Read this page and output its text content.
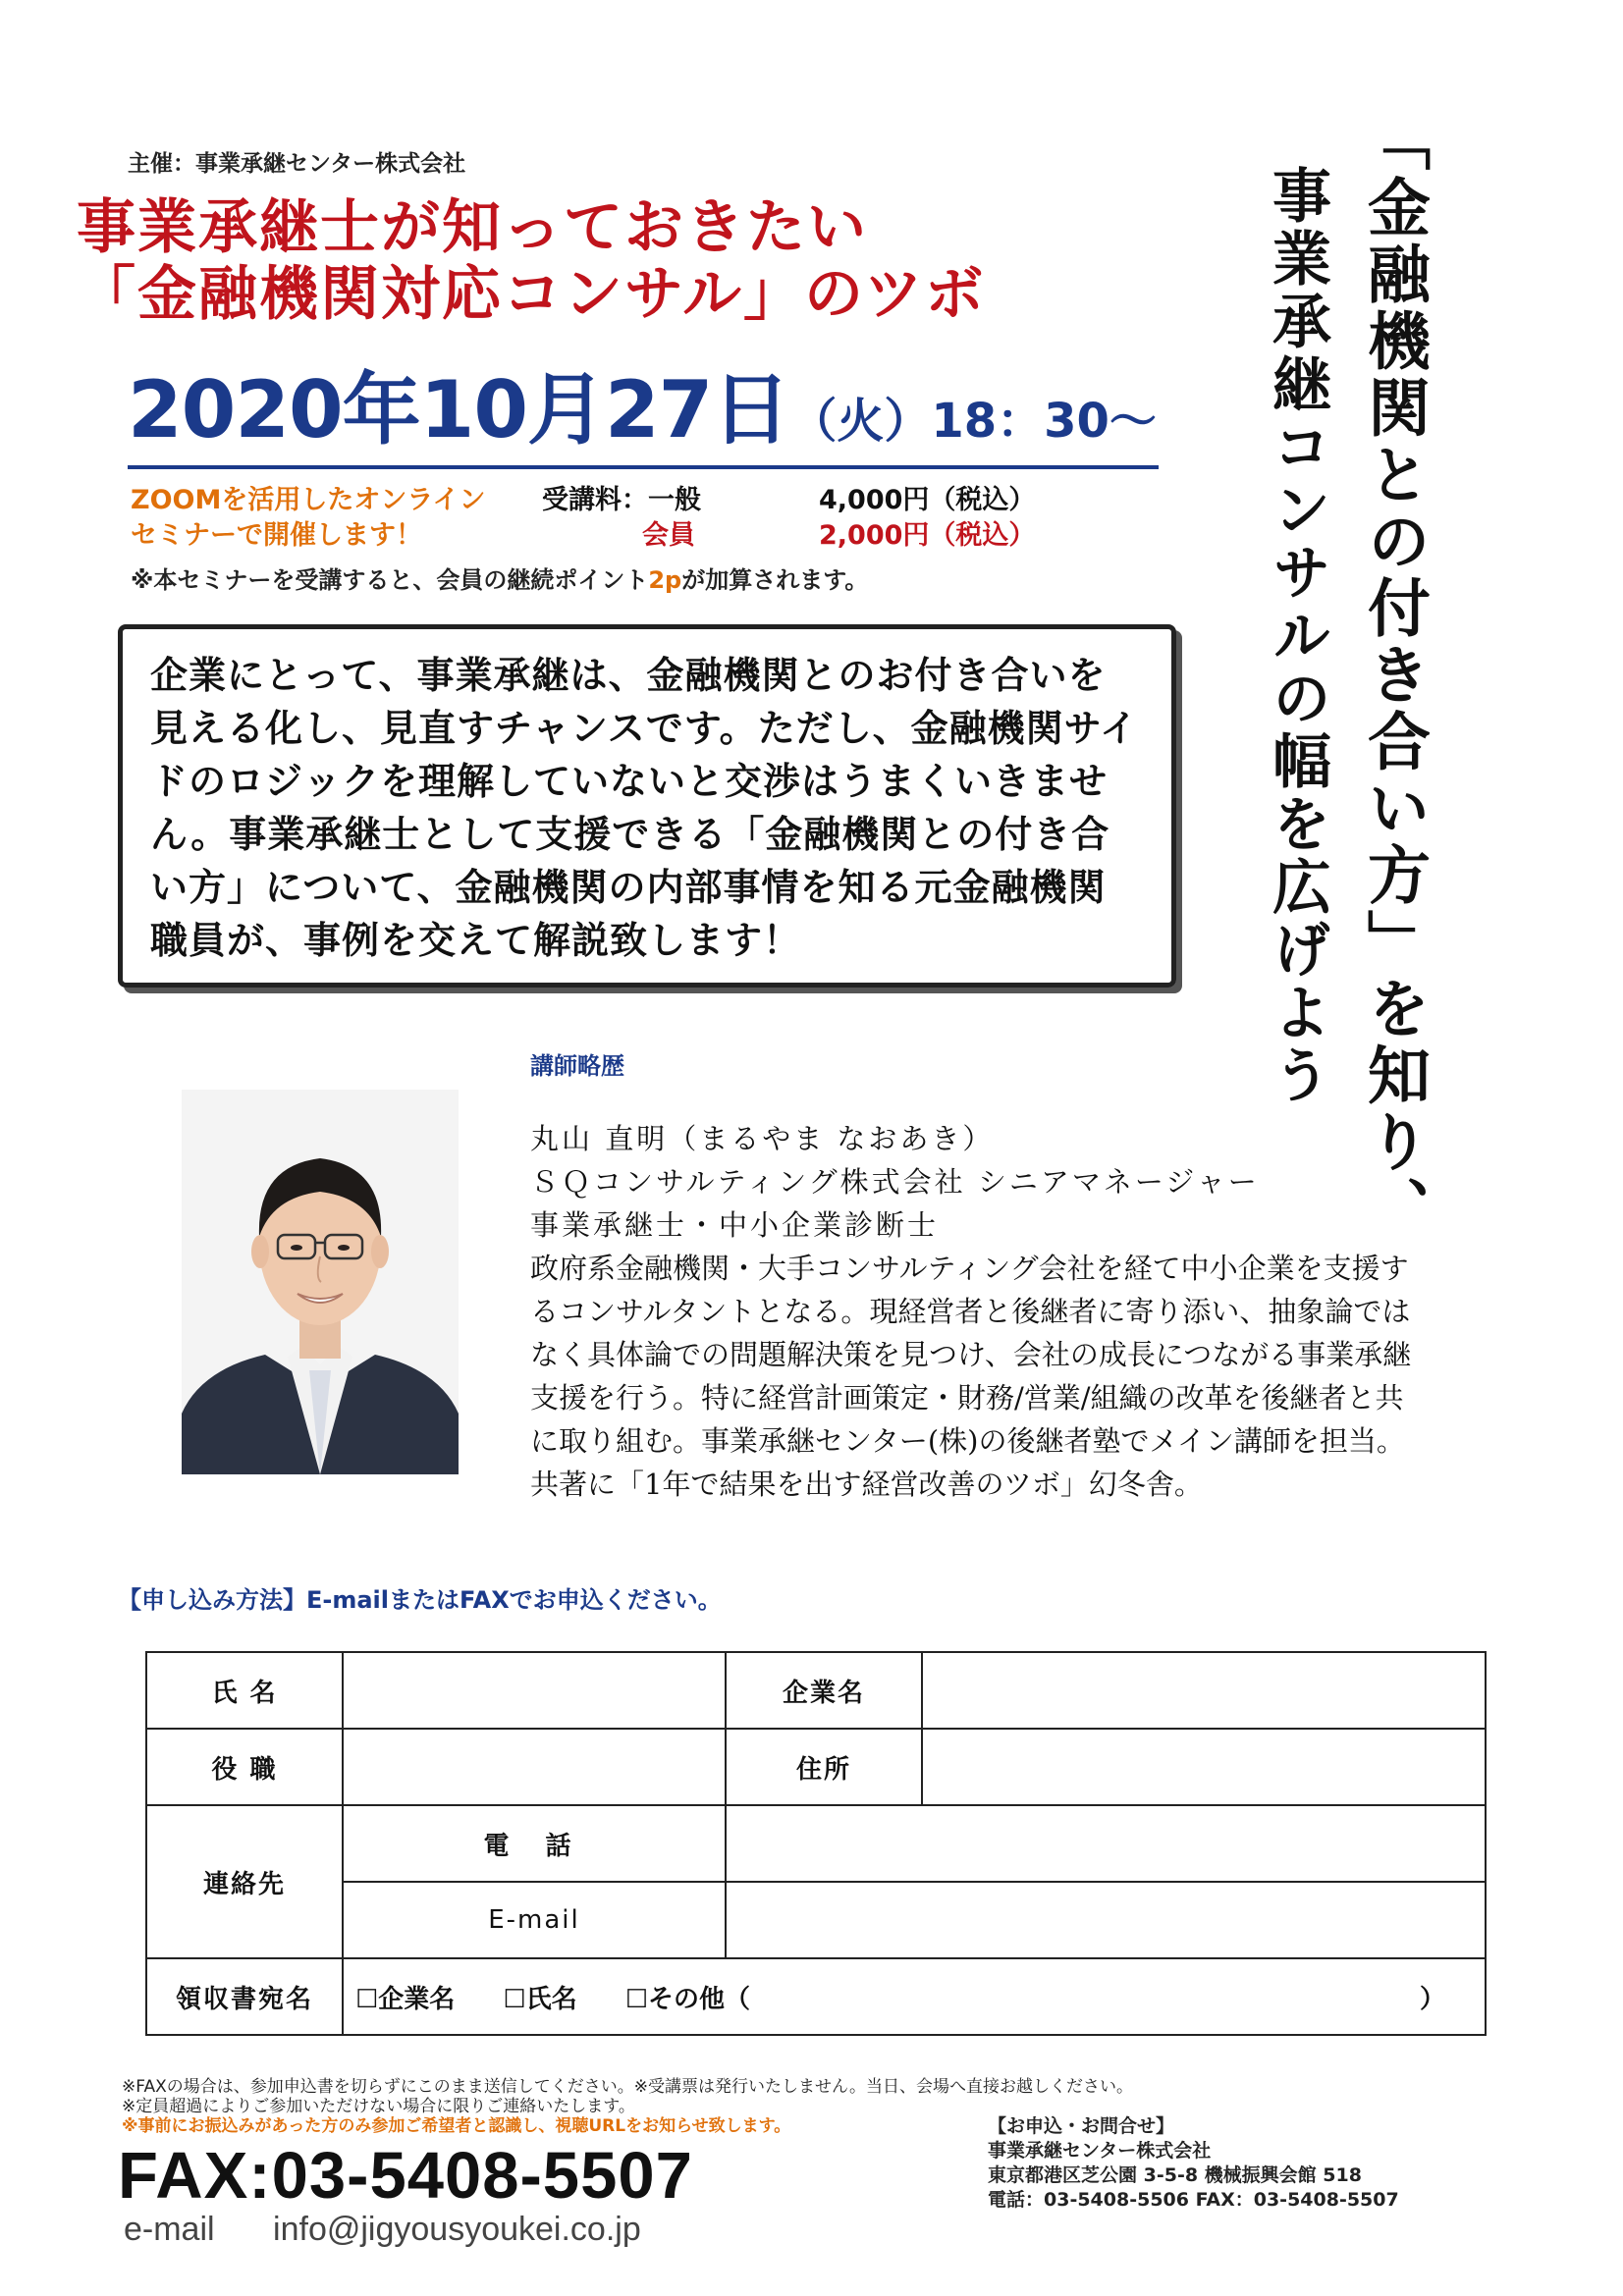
主催：事業承継センター株式会社
事業承継士が知っておきたい
「金融機関対応コンサル」のツボ
2020年10月27日（火）18：30～
ZOOMを活用したオンライン
セミナーで開催します！
受講料：一般	4,000円（税込）
会員	2,000円（税込）
※本セミナーを受講すると、会員の継続ポイント2pが加算されます。
企業にとって、事業承継は、金融機関とのお付き合いを見える化し、見直すチャンスです。ただし、金融機関サイドのロジックを理解していないと交渉はうまくいきません。事業承継士として支援できる「金融機関との付き合い方」について、金融機関の内部事情を知る元金融機関職員が、事例を交えて解説致します！	「金融機関との付き合い方」を知り、
事業承継コンサルの幅を広げよう
講師略歴
丸山 直明（まるやま なおあき）
ＳＱコンサルティング株式会社 シニアマネージャー
事業承継士・中小企業診断士
政府系金融機関・大手コンサルティング会社を経て中小企業を支援す
るコンサルタントとなる。現経営者と後継者に寄り添い、抽象論では
なく具体論での問題解決策を見つけ、会社の成長につながる事業承継
支援を行う。特に経営計画策定・財務/営業/組織の改革を後継者と共
に取り組む。事業承継センター(株)の後継者塾でメイン講師を担当。
共著に「1年で結果を出す経営改善のツボ」幻冬舎。
【申し込み方法】E-mailまたはFAXでお申込ください。
氏 名		企業名	
役 職		住所	
連絡先	電 話		
	E-mail		
領収書宛名	☐企業名 ☐氏名 ☐その他（ ）		
※FAXの場合は、参加申込書を切らずにこのまま送信してください。※受講票は発行いたしません。当日、会場へ直接お越しください。
※定員超過によりご参加いただけない場合に限りご連絡いたします。
※事前にお振込みがあった方のみ参加ご希望者と認識し、視聴URLをお知らせ致します。
FAX:03-5408-5507
e-mail info@jigyousyoukei.co.jp
【お申込・お問合せ】
事業承継センター株式会社
東京都港区芝公園 3-5-8 機械振興会館 518
電話：03-5408-5506 FAX：03-5408-5507
